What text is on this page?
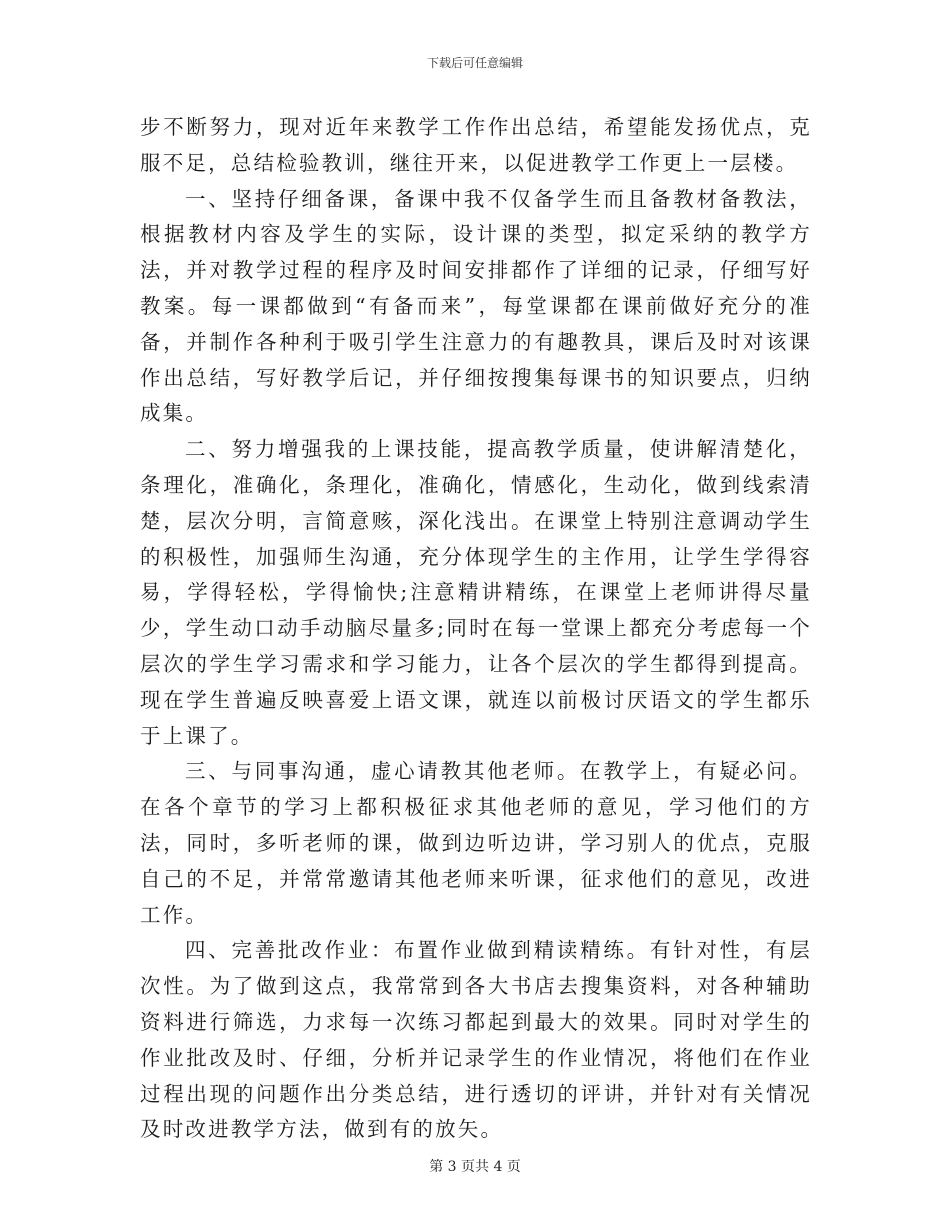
下载后可任意编辑

步不断努力，现对近年来教学工作作出总结，希望能发扬优点，克服不足，总结检验教训，继往开来，以促进教学工作更上一层楼。

一、坚持仔细备课，备课中我不仅备学生而且备教材备教法，根据教材内容及学生的实际，设计课的类型，拟定采纳的教学方法，并对教学过程的程序及时间安排都作了详细的记录，仔细写好教案。每一课都做到“有备而来”，每堂课都在课前做好充分的准备，并制作各种利于吸引学生注意力的有趣教具，课后及时对该课作出总结，写好教学后记，并仔细按搜集每课书的知识要点，归纳成集。

二、努力增强我的上课技能，提高教学质量，使讲解清楚化，条理化，准确化，条理化，准确化，情感化，生动化，做到线索清楚，层次分明，言简意赅，深化浅出。在课堂上特别注意调动学生的积极性，加强师生沟通，充分体现学生的主作用，让学生学得容易，学得轻松，学得愉快;注意精讲精练，在课堂上老师讲得尽量少，学生动口动手动脑尽量多;同时在每一堂课上都充分考虑每一个层次的学生学习需求和学习能力，让各个层次的学生都得到提高。现在学生普遍反映喜爱上语文课，就连以前极讨厌语文的学生都乐于上课了。

三、与同事沟通，虚心请教其他老师。在教学上，有疑必问。在各个章节的学习上都积极征求其他老师的意见，学习他们的方法，同时，多听老师的课，做到边听边讲，学习别人的优点，克服自己的不足，并常常邀请其他老师来听课，征求他们的意见，改进工作。

四、完善批改作业：布置作业做到精读精练。有针对性，有层次性。为了做到这点，我常常到各大书店去搜集资料，对各种辅助资料进行筛选，力求每一次练习都起到最大的效果。同时对学生的作业批改及时、仔细，分析并记录学生的作业情况，将他们在作业过程出现的问题作出分类总结，进行透切的评讲，并针对有关情况及时改进教学方法，做到有的放矢。

第 3 页共 4 页
